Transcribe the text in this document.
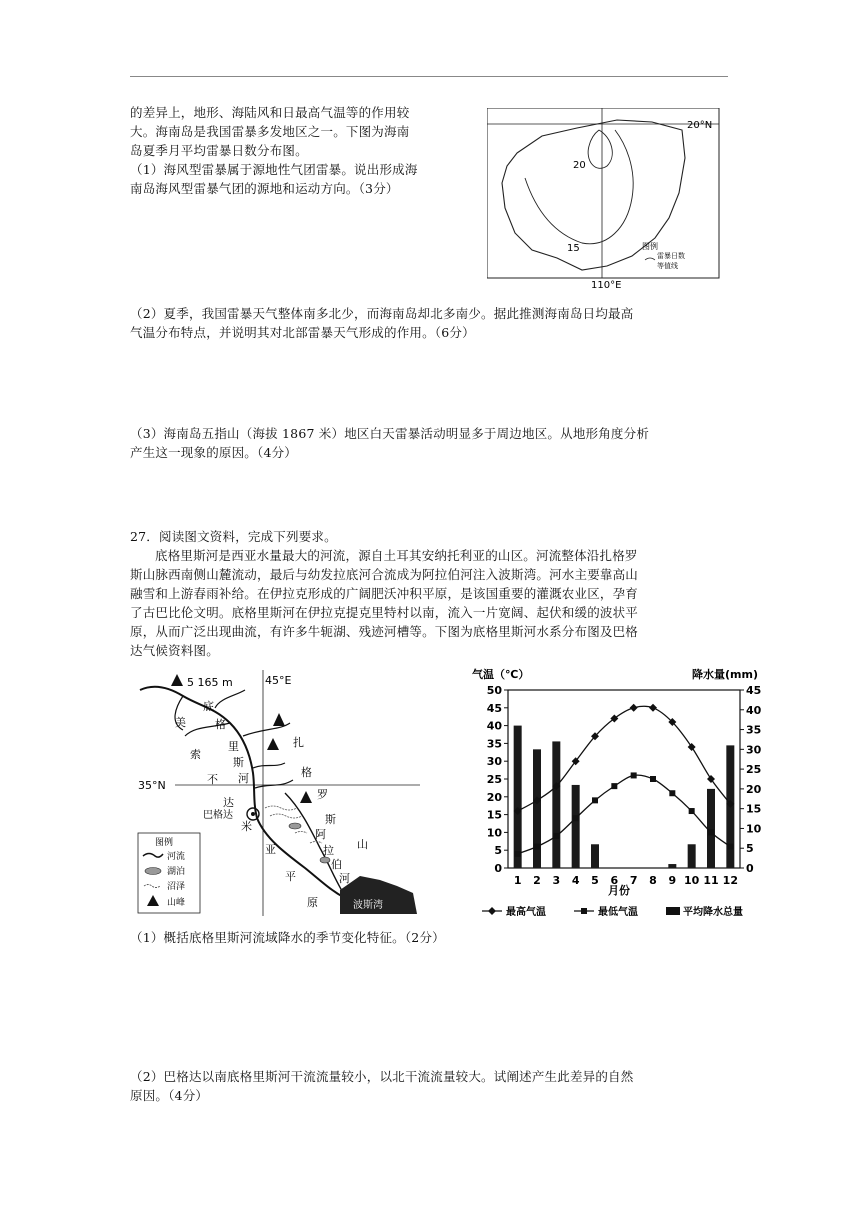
的差异上，地形、海陆风和日最高气温等的作用较

大。海南岛是我国雷暴多发地区之一。下图为海南

岛夏季月平均雷暴日数分布图。

（1）海风型雷暴属于源地性气团雷暴。说出形成海

南岛海风型雷暴气团的源地和运动方向。（3分）

20°N
110°E
20
15	图例
雷暴日数
等值线

（2）夏季，我国雷暴天气整体南多北少，而海南岛却北多南少。据此推测海南岛日均最高

气温分布特点，并说明其对北部雷暴天气形成的作用。（6分）

（3）海南岛五指山（海拔 1867 米）地区白天雷暴活动明显多于周边地区。从地形角度分析

产生这一现象的原因。（4分）

27．阅读图文资料，完成下列要求。

底格里斯河是西亚水量最大的河流，源自土耳其安纳托利亚的山区。河流整体沿扎格罗

斯山脉西南侧山麓流动，最后与幼发拉底河合流成为阿拉伯河注入波斯湾。河水主要靠高山

融雪和上游春雨补给。在伊拉克形成的广阔肥沃冲积平原，是该国重要的灌溉农业区，孕育

了古巴比伦文明。底格里斯河在伊拉克提克里特村以南，流入一片宽阔、起伏和缓的波状平

原，从而广泛出现曲流，有许多牛轭湖、残迹河槽等。下图为底格里斯河水系分布图及巴格

达气候资料图。

45°E
35°N
5 165 m
巴格达
波斯湾
底
格
里
斯
河
美
索
不
达
米
亚
平
原
扎
格
罗
斯
山
阿
拉
伯
河
图例
河流
湖泊
沼泽
山峰
气温（℃）	降水量(mm)
0
5
10
15
20
25
30
35
40
45
50
0
5
10
15
20
25
30
35
40
45
1 2 3 4 5 6 7 8 9 10 11 12
月份
最高气温	最低气温	平均降水总量

（1）概括底格里斯河流域降水的季节变化特征。（2分）

（2）巴格达以南底格里斯河干流流量较小，以北干流流量较大。试阐述产生此差异的自然

原因。（4分）
